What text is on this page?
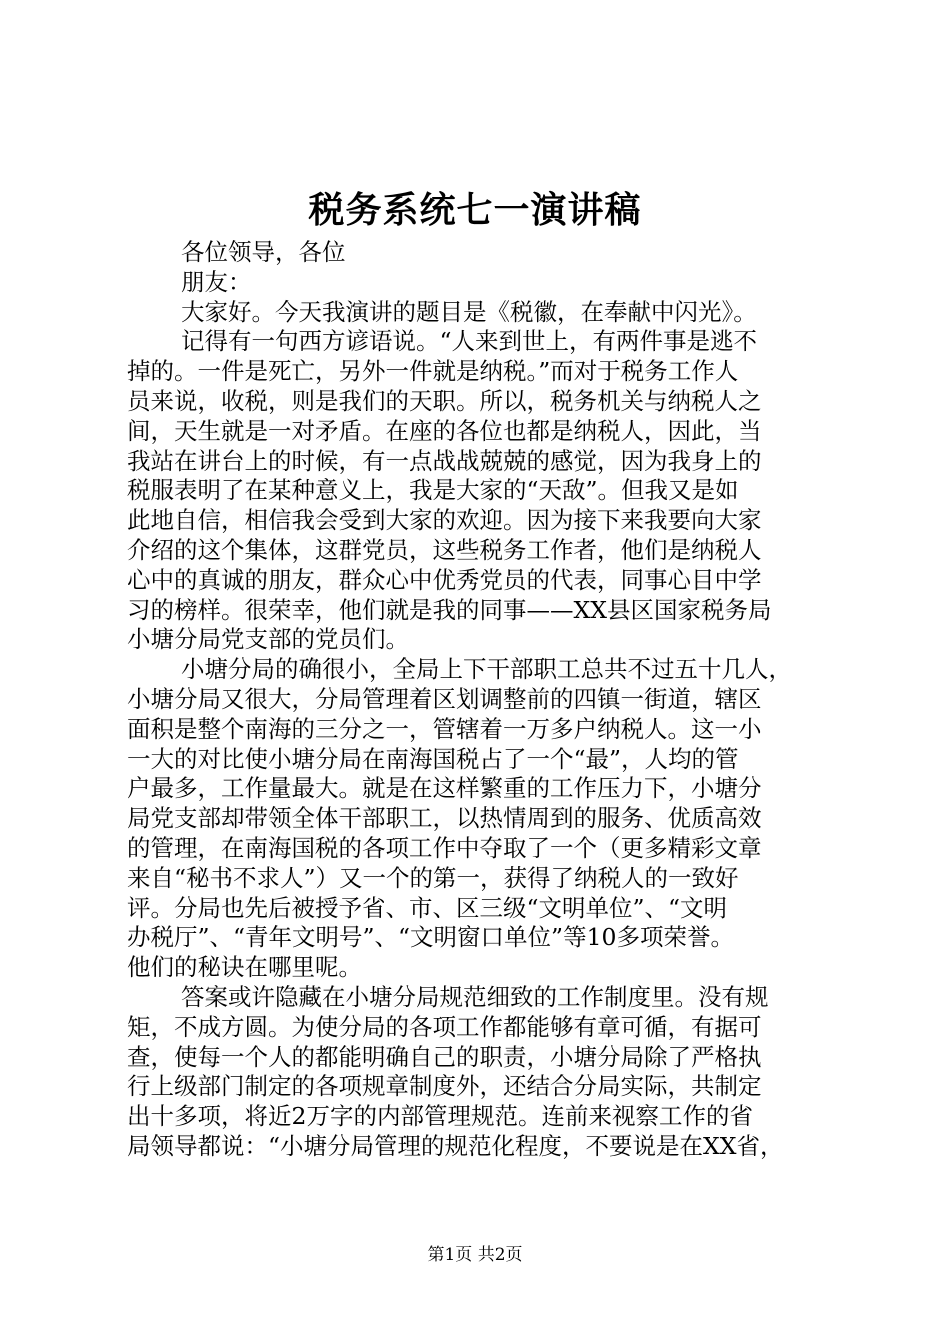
税务系统七一演讲稿
各位领导，各位
朋友：
大家好。今天我演讲的题目是《税徽，在奉献中闪光》。
记得有一句西方谚语说。“人来到世上，有两件事是逃不
掉的。一件是死亡，另外一件就是纳税。”而对于税务工作人
员来说，收税，则是我们的天职。所以，税务机关与纳税人之
间，天生就是一对矛盾。在座的各位也都是纳税人，因此，当
我站在讲台上的时候，有一点战战兢兢的感觉，因为我身上的
税服表明了在某种意义上，我是大家的“天敌”。但我又是如
此地自信，相信我会受到大家的欢迎。因为接下来我要向大家
介绍的这个集体，这群党员，这些税务工作者，他们是纳税人
心中的真诚的朋友，群众心中优秀党员的代表，同事心目中学
习的榜样。很荣幸，他们就是我的同事——XX县区国家税务局
小塘分局党支部的党员们。
小塘分局的确很小，全局上下干部职工总共不过五十几人，
小塘分局又很大，分局管理着区划调整前的四镇一街道，辖区
面积是整个南海的三分之一，管辖着一万多户纳税人。这一小
一大的对比使小塘分局在南海国税占了一个“最”，人均的管
户最多，工作量最大。就是在这样繁重的工作压力下，小塘分
局党支部却带领全体干部职工，以热情周到的服务、优质高效
的管理，在南海国税的各项工作中夺取了一个（更多精彩文章
来自“秘书不求人”）又一个的第一，获得了纳税人的一致好
评。分局也先后被授予省、市、区三级“文明单位”、“文明
办税厅”、“青年文明号”、“文明窗口单位”等10多项荣誉。
他们的秘诀在哪里呢。
答案或许隐藏在小塘分局规范细致的工作制度里。没有规
矩，不成方圆。为使分局的各项工作都能够有章可循，有据可
查，使每一个人的都能明确自己的职责，小塘分局除了严格执
行上级部门制定的各项规章制度外，还结合分局实际，共制定
出十多项，将近2万字的内部管理规范。连前来视察工作的省
局领导都说：“小塘分局管理的规范化程度，不要说是在XX省，
第1页 共2页
